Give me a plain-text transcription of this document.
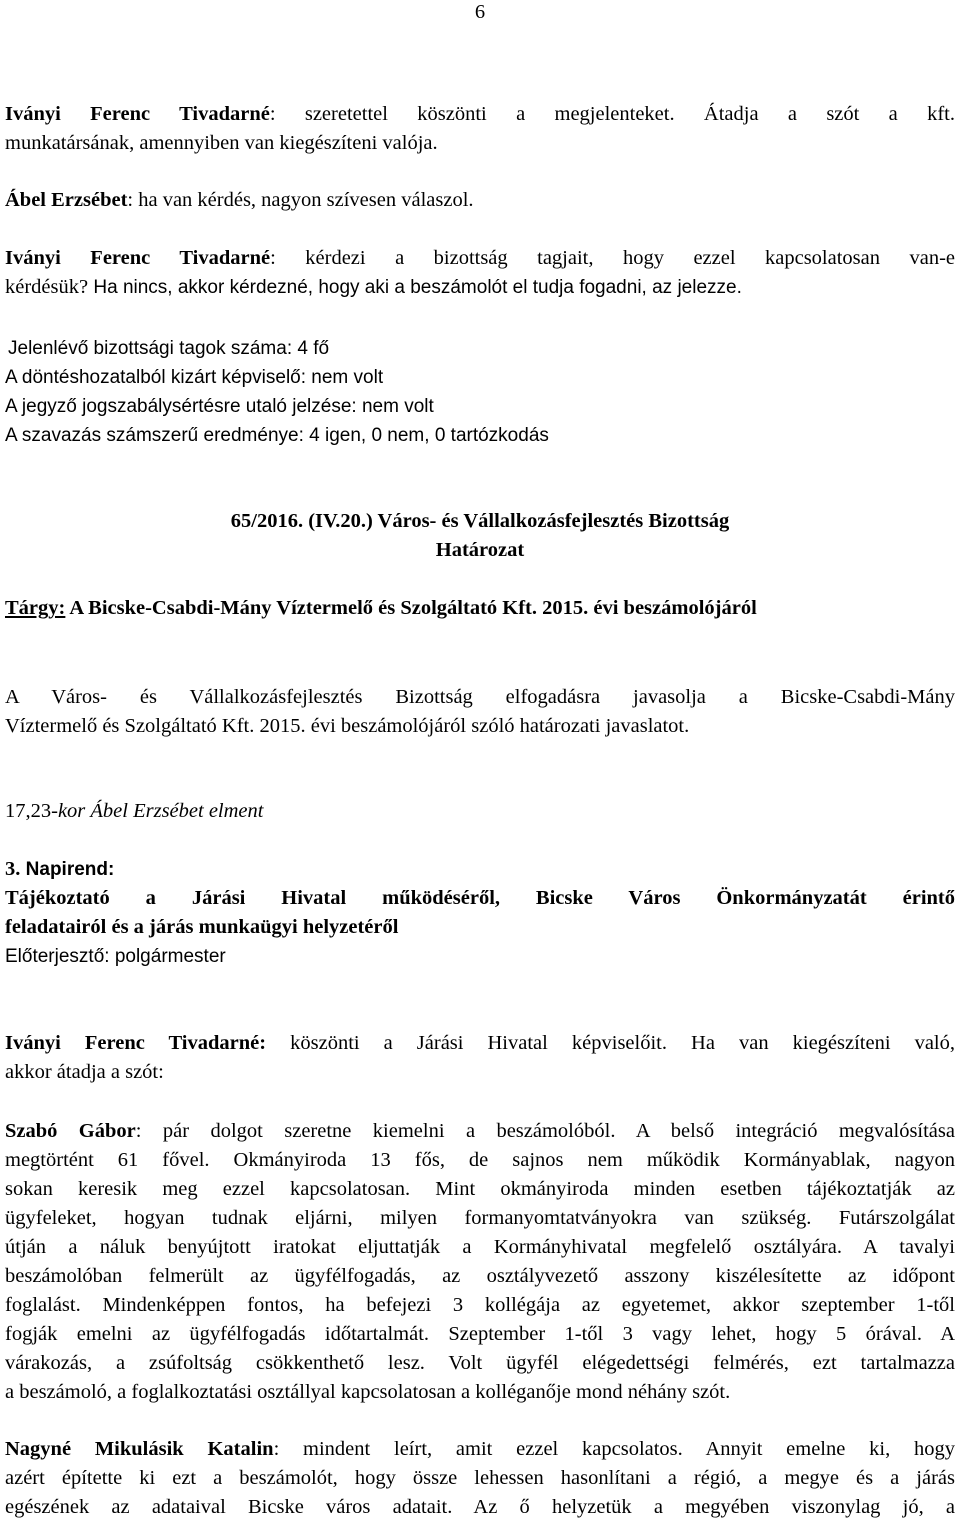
6
Iványi Ferenc Tivadarné: szeretettel köszönti a megjelenteket. Átadja a szót a kft.
munkatársának, amennyiben van kiegészíteni valója.
Ábel Erzsébet: ha van kérdés, nagyon szívesen válaszol.
Iványi Ferenc Tivadarné: kérdezi a bizottság tagjait, hogy ezzel kapcsolatosan van-e
kérdésük? Ha nincs, akkor kérdezné, hogy aki a beszámolót el tudja fogadni, az jelezze.
Jelenlévő bizottsági tagok száma: 4 fő
A döntéshozatalból kizárt képviselő: nem volt
A jegyző jogszabálysértésre utaló jelzése: nem volt
A szavazás számszerű eredménye: 4 igen, 0 nem, 0 tartózkodás
65/2016. (IV.20.) Város- és Vállalkozásfejlesztés Bizottság
Határozat
Tárgy: A Bicske-Csabdi-Mány Víztermelő és Szolgáltató Kft. 2015. évi beszámolójáról
A Város- és Vállalkozásfejlesztés Bizottság elfogadásra javasolja a Bicske-Csabdi-Mány
Víztermelő és Szolgáltató Kft. 2015. évi beszámolójáról szóló határozati javaslatot.
17,23-kor Ábel Erzsébet elment
3. Napirend:
Tájékoztató a Járási Hivatal működéséről, Bicske Város Önkormányzatát érintő
feladatairól és a járás munkaügyi helyzetéről
Előterjesztő: polgármester
Iványi Ferenc Tivadarné: köszönti a Járási Hivatal képviselőit. Ha van kiegészíteni való,
akkor átadja a szót:
Szabó Gábor: pár dolgot szeretne kiemelni a beszámolóból. A belső integráció megvalósítása
megtörtént 61 fővel. Okmányiroda 13 fős, de sajnos nem működik Kormányablak, nagyon
sokan keresik meg ezzel kapcsolatosan. Mint okmányiroda minden esetben tájékoztatják az
ügyfeleket, hogyan tudnak eljárni, milyen formanyomtatványokra van szükség. Futárszolgálat
útján a náluk benyújtott iratokat eljuttatják a Kormányhivatal megfelelő osztályára. A tavalyi
beszámolóban felmerült az ügyfélfogadás, az osztályvezető asszony kiszélesítette az időpont
foglalást. Mindenképpen fontos, ha befejezi 3 kollégája az egyetemet, akkor szeptember 1-től
fogják emelni az ügyfélfogadás időtartalmát. Szeptember 1-től 3 vagy lehet, hogy 5 órával. A
várakozás, a zsúfoltság csökkenthető lesz. Volt ügyfél elégedettségi felmérés, ezt tartalmazza
a beszámoló, a foglalkoztatási osztállyal kapcsolatosan a kolléganője mond néhány szót.
Nagyné Mikulásik Katalin: mindent leírt, amit ezzel kapcsolatos. Annyit emelne ki, hogy
azért építette ki ezt a beszámolót, hogy össze lehessen hasonlítani a régió, a megye és a járás
egészének az adataival Bicske város adatait. Az ő helyzetük a megyében viszonylag jó, a
